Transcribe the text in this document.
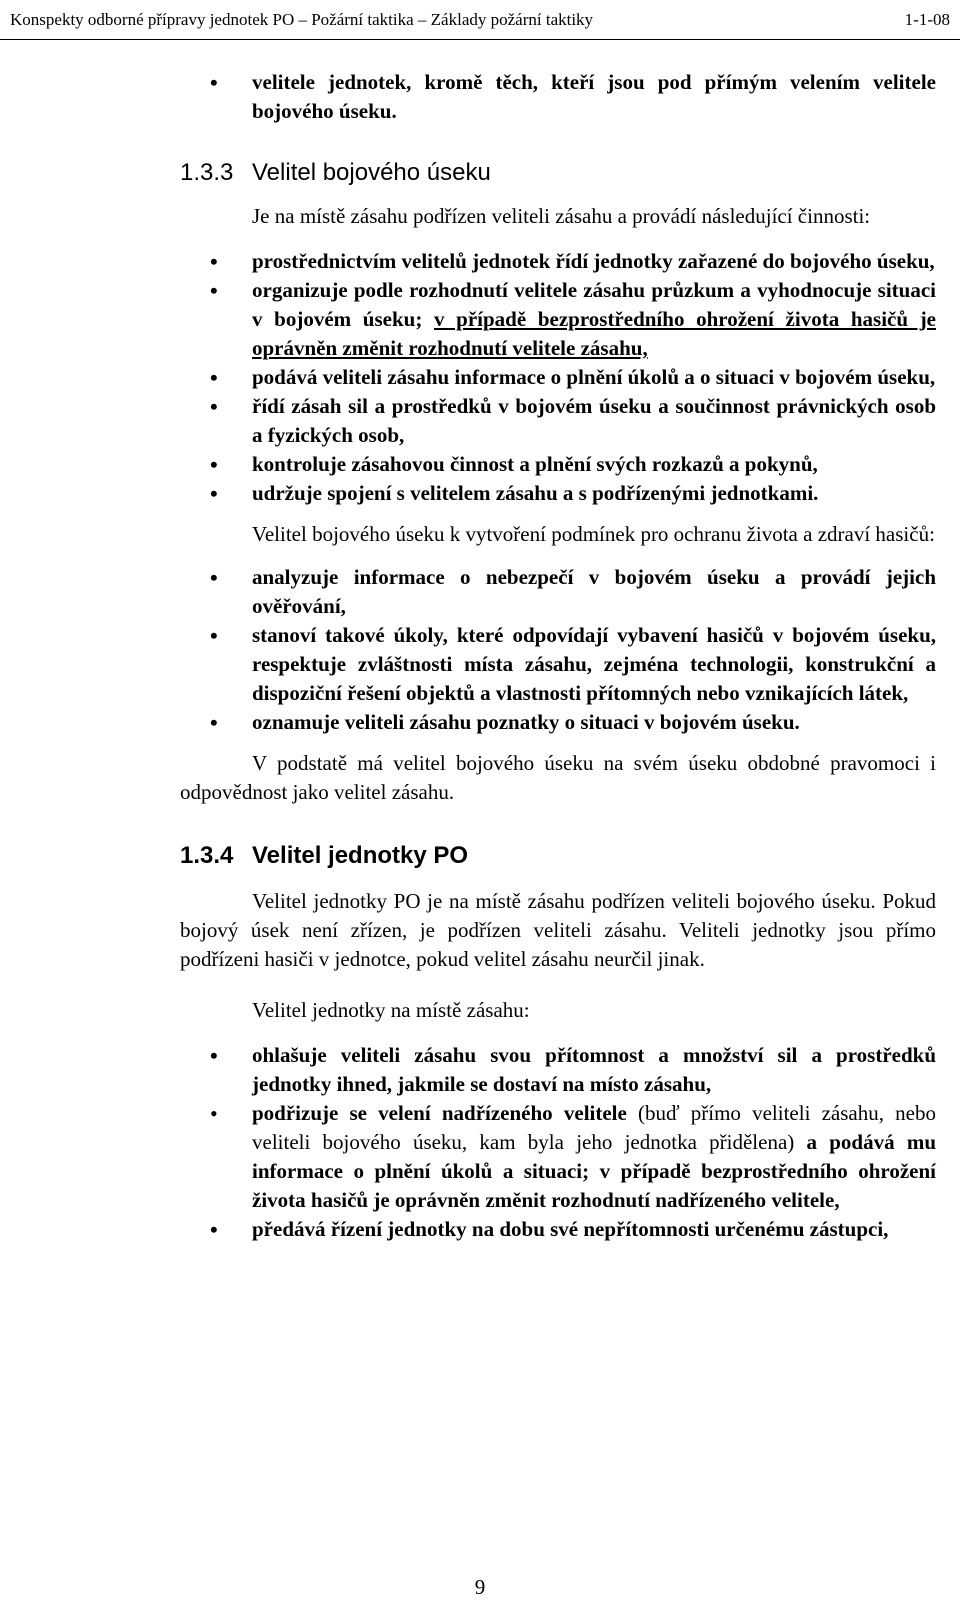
Konspekty odborné přípravy jednotek PO – Požární taktika – Základy požární taktiky	1-1-08
• velitele jednotek, kromě těch, kteří jsou pod přímým velením velitele bojového úseku.
1.3.3 Velitel bojového úseku

Je na místě zásahu podřízen veliteli zásahu a provádí následující činnosti:

• prostřednictvím velitelů jednotek řídí jednotky zařazené do bojového úseku,
• organizuje podle rozhodnutí velitele zásahu průzkum a vyhodnocuje situaci v bojovém úseku; v případě bezprostředního ohrožení života hasičů je oprávněn změnit rozhodnutí velitele zásahu,
• podává veliteli zásahu informace o plnění úkolů a o situaci v bojovém úseku,
• řídí zásah sil a prostředků v bojovém úseku a součinnost právnických osob a fyzických osob,
• kontroluje zásahovou činnost a plnění svých rozkazů a pokynů,
• udržuje spojení s velitelem zásahu a s podřízenými jednotkami.

Velitel bojového úseku k vytvoření podmínek pro ochranu života a zdraví hasičů:

• analyzuje informace o nebezpečí v bojovém úseku a provádí jejich ověřování,
• stanoví takové úkoly, které odpovídají vybavení hasičů v bojovém úseku, respektuje zvláštnosti místa zásahu, zejména technologii, konstrukční a dispoziční řešení objektů a vlastnosti přítomných nebo vznikajících látek,
• oznamuje veliteli zásahu poznatky o situaci v bojovém úseku.

V podstatě má velitel bojového úseku na svém úseku obdobné pravomoci i odpovědnost jako velitel zásahu.

1.3.4 Velitel jednotky PO

Velitel jednotky PO je na místě zásahu podřízen veliteli bojového úseku. Pokud bojový úsek není zřízen, je podřízen veliteli zásahu. Veliteli jednotky jsou přímo podřízeni hasiči v jednotce, pokud velitel zásahu neurčil jinak.

Velitel jednotky na místě zásahu:

• ohlašuje veliteli zásahu svou přítomnost a množství sil a prostředků jednotky ihned, jakmile se dostaví na místo zásahu,
• podřizuje se velení nadřízeného velitele (buď přímo veliteli zásahu, nebo veliteli bojového úseku, kam byla jeho jednotka přidělena) a podává mu informace o plnění úkolů a situaci; v případě bezprostředního ohrožení života hasičů je oprávněn změnit rozhodnutí nadřízeného velitele,
• předává řízení jednotky na dobu své nepřítomnosti určenému zástupci,
9
